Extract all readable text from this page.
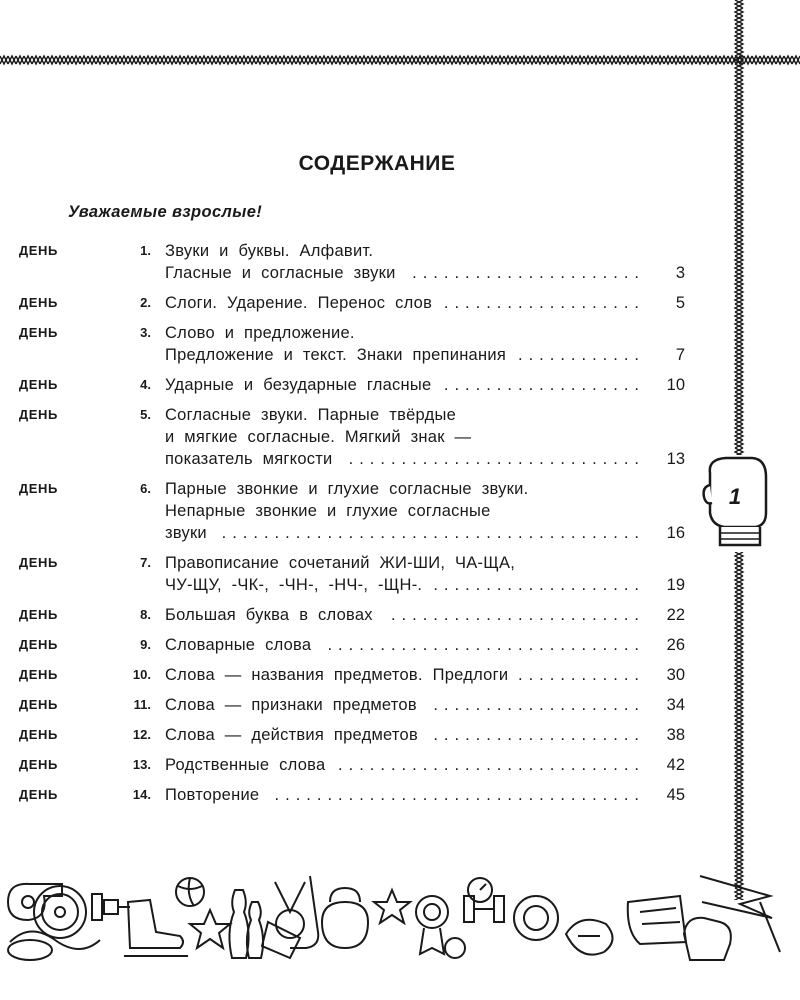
СОДЕРЖАНИЕ
Уважаемые взрослые!
ДЕНЬ	1. Звуки и буквы. Алфавит.
Гласные и согласные звуки	......................	3
ДЕНЬ	2. Слоги. Ударение. Перенос слов ...................	5
ДЕНЬ	3. Слово и предложение.
Предложение и текст. Знаки препинания ............	7
ДЕНЬ	4. Ударные и безударные гласные ...................	10
ДЕНЬ	5. Согласные звуки. Парные твёрдые
и мягкие согласные. Мягкий знак —
показатель мягкости ............................	13
ДЕНЬ	6. Парные звонкие и глухие согласные звуки.
Непарные звонкие и глухие согласные
звуки ........................................	16
ДЕНЬ	7. Правописание сочетаний ЖИ-ШИ, ЧА-ЩА,
ЧУ-ЩУ, -ЧК-, -ЧН-, -НЧ-, -ЩН-. ....................	19
ДЕНЬ	8. Большая буква в словах	........................	22
ДЕНЬ	9. Словарные слова ..............................	26
ДЕНЬ	10. Слова — названия предметов. Предлоги ............	30
ДЕНЬ	11. Слова — признаки предметов ....................	34
ДЕНЬ	12. Слова — действия предметов ....................	38
ДЕНЬ	13. Родственные слова .............................	42
ДЕНЬ	14. Повторение ...................................	45
1
